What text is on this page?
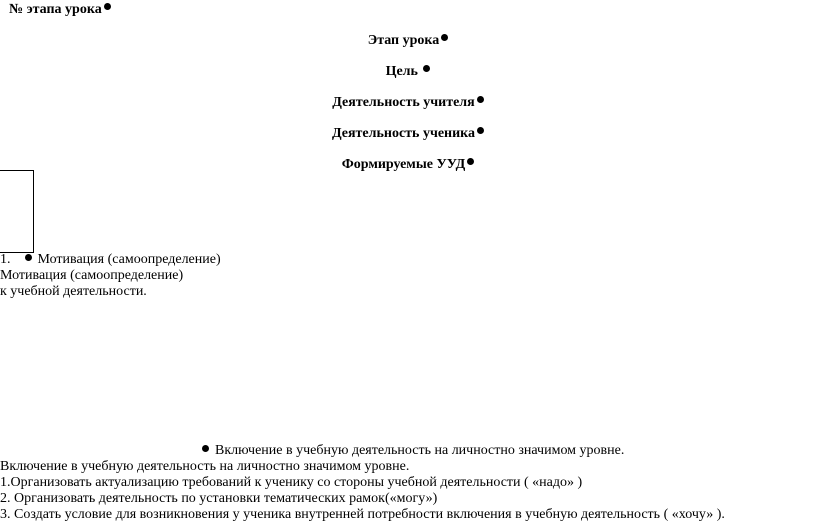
№ этапа урока
Этап урока
Цель
Деятельность учителя
Деятельность ученика
Формируемые УУД
1. Мотивация (самоопределение)
Мотивация (самоопределение)
к учебной деятельности.
Включение в учебную деятельность на личностно значимом уровне.
Включение в учебную деятельность на личностно значимом уровне.
1.Организовать актуализацию требований к ученику со стороны учебной деятельности ( «надо» )
2. Организовать деятельность по установки тематических рамок(«могу»)
3. Создать условие для возникновения у ученика внутренней потребности включения в учебную деятельность ( «хочу» ).
